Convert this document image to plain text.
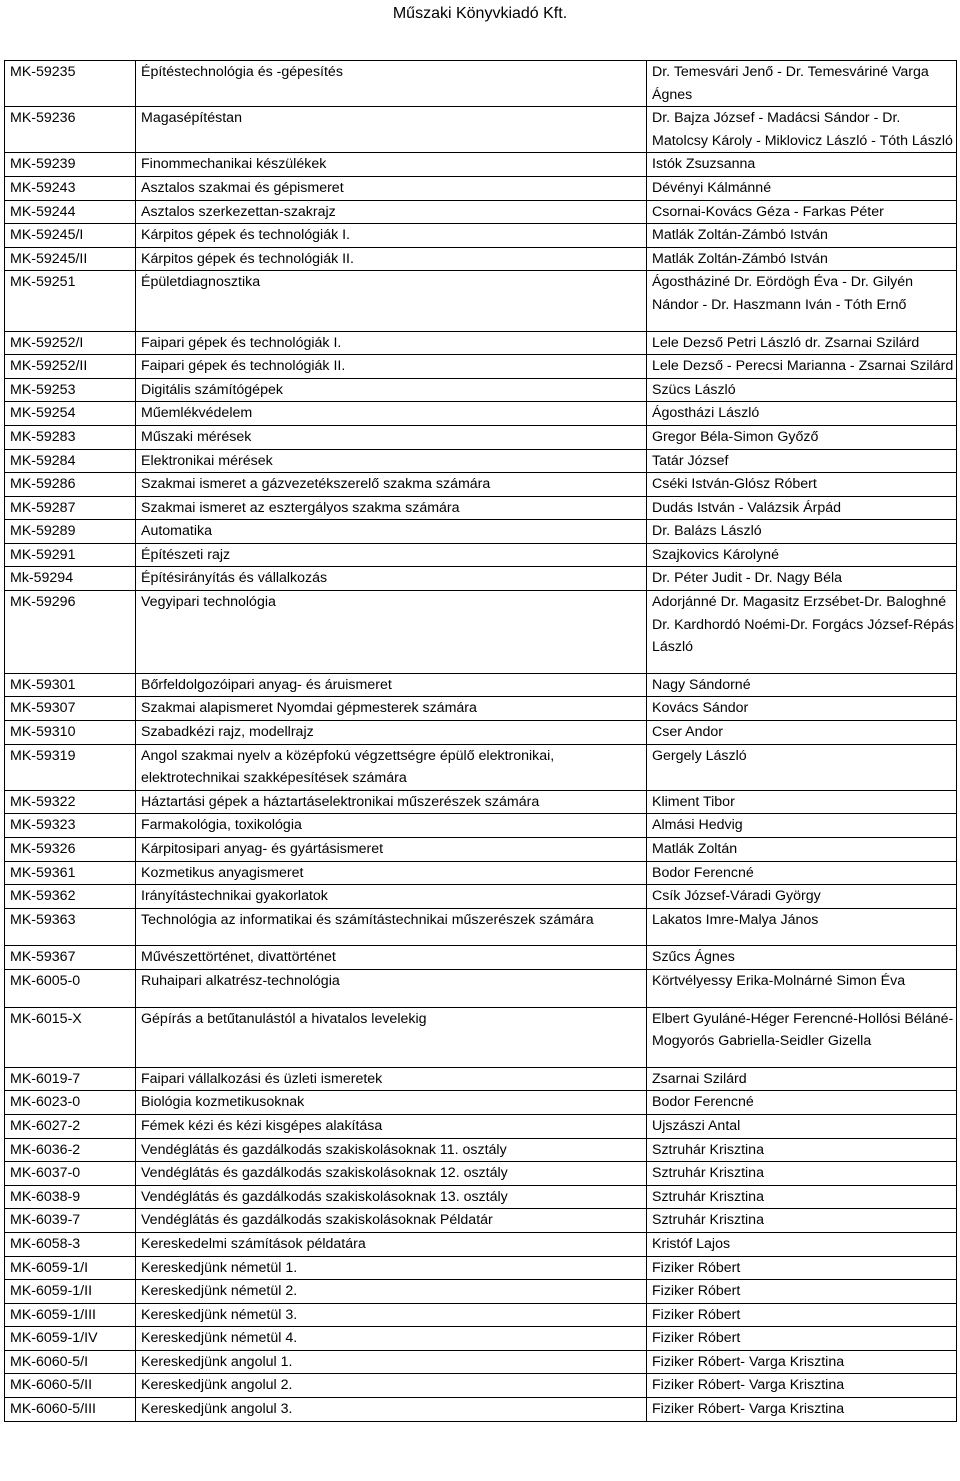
Műszaki Könyvkiadó Kft.
MK-59235	Építéstechnológia és -gépesítés	Dr. Temesvári Jenő - Dr. Temesváriné Varga Ágnes
MK-59236	Magasépítéstan	Dr. Bajza József - Madácsi Sándor - Dr. Matolcsy Károly - Miklovicz László - Tóth László
MK-59239	Finommechanikai készülékek	Istók Zsuzsanna
MK-59243	Asztalos szakmai és gépismeret	Dévényi Kálmánné
MK-59244	Asztalos szerkezettan-szakrajz	Csornai-Kovács Géza - Farkas Péter
MK-59245/I	Kárpitos gépek és technológiák I.	Matlák Zoltán-Zámbó István
MK-59245/II	Kárpitos gépek és technológiák II.	Matlák Zoltán-Zámbó István
MK-59251	Épületdiagnosztika	Ágostháziné Dr. Eördögh Éva - Dr. Gilyén Nándor - Dr. Haszmann Iván - Tóth Ernő
MK-59252/I	Faipari gépek és technológiák I.	Lele Dezső Petri László dr. Zsarnai Szilárd
MK-59252/II	Faipari gépek és technológiák II.	Lele Dezső - Perecsi Marianna - Zsarnai Szilárd
MK-59253	Digitális számítógépek	Szücs László
MK-59254	Műemlékvédelem	Ágostházi László
MK-59283	Műszaki mérések	Gregor Béla-Simon Győző
MK-59284	Elektronikai mérések	Tatár József
MK-59286	Szakmai ismeret a gázvezetékszerelő szakma számára	Cséki István-Glósz Róbert
MK-59287	Szakmai ismeret az esztergályos szakma számára	Dudás István - Valázsik Árpád
MK-59289	Automatika	Dr. Balázs László
MK-59291	Építészeti rajz	Szajkovics Károlyné
Mk-59294	Építésirányítás és vállalkozás	Dr. Péter Judit - Dr. Nagy Béla
MK-59296	Vegyipari technológia	Adorjánné Dr. Magasitz Erzsébet-Dr. Baloghné Dr. Kardhordó Noémi-Dr. Forgács József-Répás László
MK-59301	Bőrfeldolgozóipari anyag- és áruismeret	Nagy Sándorné
MK-59307	Szakmai alapismeret Nyomdai gépmesterek számára	Kovács Sándor
MK-59310	Szabadkézi rajz, modellrajz	Cser Andor
MK-59319	Angol szakmai nyelv a középfokú végzettségre épülő elektronikai, elektrotechnikai szakképesítések számára	Gergely László
MK-59322	Háztartási gépek a háztartáselektronikai műszerészek számára	Kliment Tibor
MK-59323	Farmakológia, toxikológia	Almási Hedvig
MK-59326	Kárpitosipari anyag- és gyártásismeret	Matlák Zoltán
MK-59361	Kozmetikus anyagismeret	Bodor Ferencné
MK-59362	Irányítástechnikai gyakorlatok	Csík József-Váradi György
MK-59363	Technológia az informatikai és számítástechnikai műszerészek számára	Lakatos Imre-Malya János
MK-59367	Művészettörténet, divattörténet	Szűcs Ágnes
MK-6005-0	Ruhaipari alkatrész-technológia	Körtvélyessy Erika-Molnárné Simon Éva
MK-6015-X	Gépírás a betűtanulástól a hivatalos levelekig	Elbert Gyuláné-Héger Ferencné-Hollósi Béláné-Mogyorós Gabriella-Seidler Gizella
MK-6019-7	Faipari vállalkozási és üzleti ismeretek	Zsarnai Szilárd
MK-6023-0	Biológia kozmetikusoknak	Bodor Ferencné
MK-6027-2	Fémek kézi és kézi kisgépes alakítása	Ujszászi Antal
MK-6036-2	Vendéglátás és gazdálkodás szakiskolásoknak 11. osztály	Sztruhár Krisztina
MK-6037-0	Vendéglátás és gazdálkodás szakiskolásoknak 12. osztály	Sztruhár Krisztina
MK-6038-9	Vendéglátás és gazdálkodás szakiskolásoknak 13. osztály	Sztruhár Krisztina
MK-6039-7	Vendéglátás és gazdálkodás szakiskolásoknak Példatár	Sztruhár Krisztina
MK-6058-3	Kereskedelmi számítások példatára	Kristóf Lajos
MK-6059-1/I	Kereskedjünk németül 1.	Fiziker Róbert
MK-6059-1/II	Kereskedjünk németül 2.	Fiziker Róbert
MK-6059-1/III	Kereskedjünk németül 3.	Fiziker Róbert
MK-6059-1/IV	Kereskedjünk németül 4.	Fiziker Róbert
MK-6060-5/I	Kereskedjünk angolul 1.	Fiziker Róbert- Varga Krisztina
MK-6060-5/II	Kereskedjünk angolul 2.	Fiziker Róbert- Varga Krisztina
MK-6060-5/III	Kereskedjünk angolul 3.	Fiziker Róbert- Varga Krisztina
